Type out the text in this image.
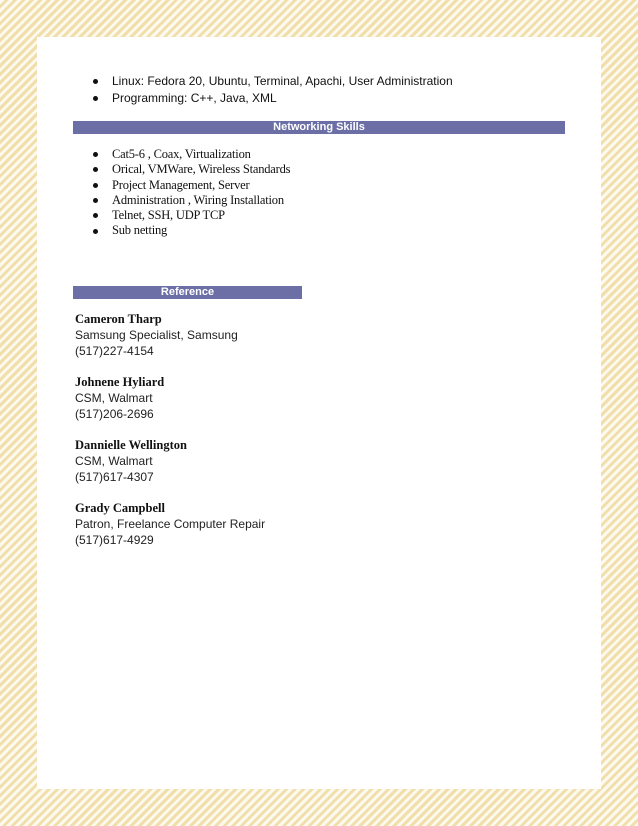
Linux: Fedora 20, Ubuntu, Terminal, Apachi, User Administration
Programming: C++, Java, XML
Networking Skills
Cat5-6 , Coax, Virtualization
Orical, VMWare, Wireless Standards
Project Management, Server
Administration , Wiring Installation
Telnet, SSH, UDP TCP
Sub netting
Reference
Cameron Tharp
Samsung Specialist, Samsung
(517)227-4154
Johnene Hyliard
CSM, Walmart
(517)206-2696
Dannielle Wellington
CSM, Walmart
(517)617-4307
Grady Campbell
Patron, Freelance Computer Repair
(517)617-4929
